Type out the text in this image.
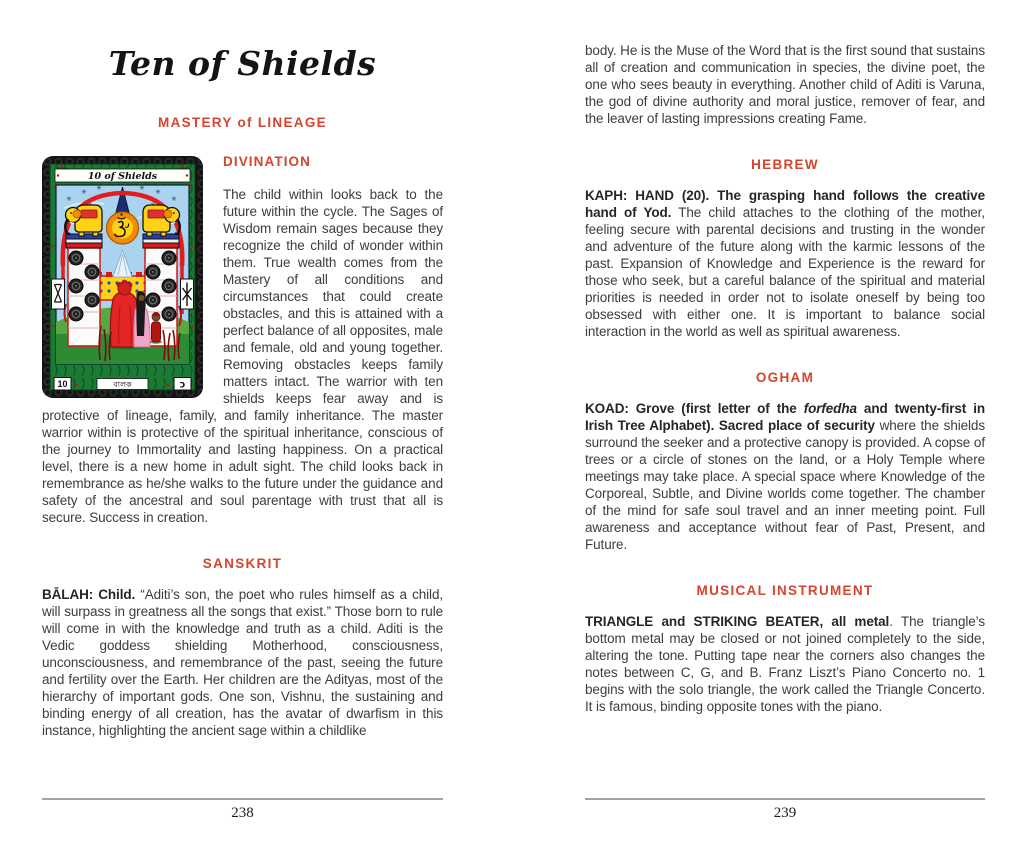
Ten of Shields
MASTERY of LINEAGE
10 of Shields
✳
✳
✳	✳
✳
✳
10	বালক	כ
DIVINATION

The child within looks back to the future within the cycle. The Sages of Wisdom remain sages because they recognize the child of wonder within them. True wealth comes from the Mastery of all conditions and circumstances that could create obstacles, and this is attained with a perfect balance of all opposites, male and female, old and young together. Removing obstacles keeps family matters intact. The warrior with ten shields keeps fear away and is protective of lineage, family, and family inheritance. The master warrior within is protective of the spiritual inheritance, conscious of the journey to Immortality and lasting happiness. On a practical level, there is a new home in adult sight. The child looks back in remembrance as he/she walks to the future under the guidance and safety of the ancestral and soul parentage with trust that all is secure. Success in creation.

SANSKRIT

BĀLAH: Child. “Aditi’s son, the poet who rules himself as a child, will surpass in greatness all the songs that exist.” Those born to rule will come in with the knowledge and truth as a child. Aditi is the Vedic goddess shielding Motherhood, consciousness, unconsciousness, and remembrance of the past, seeing the future and fertility over the Earth. Her children are the Adityas, most of the hierarchy of important gods. One son, Vishnu, the sustaining and binding energy of all creation, has the avatar of dwarfism in this instance, highlighting the ancient sage within a childlike

body. He is the Muse of the Word that is the first sound that sustains all of creation and communication in species, the divine poet, the one who sees beauty in everything. Another child of Aditi is Varuna, the god of divine authority and moral justice, remover of fear, and the leaver of lasting impressions creating Fame.

HEBREW

KAPH: HAND (20). The grasping hand follows the creative hand of Yod. The child attaches to the clothing of the mother, feeling secure with parental decisions and trusting in the wonder and adventure of the future along with the karmic lessons of the past. Expansion of Knowledge and Experience is the reward for those who seek, but a careful balance of the spiritual and material priorities is needed in order not to isolate oneself by being too obsessed with either one. It is important to balance social interaction in the world as well as spiritual awareness.

OGHAM

KOAD: Grove (first letter of the forfedha and twenty-first in Irish Tree Alphabet). Sacred place of security where the shields surround the seeker and a protective canopy is provided. A copse of trees or a circle of stones on the land, or a Holy Temple where meetings may take place. A special space where Knowledge of the Corporeal, Subtle, and Divine worlds come together. The chamber of the mind for safe soul travel and an inner meeting point. Full awareness and acceptance without fear of Past, Present, and Future.

MUSICAL INSTRUMENT

TRIANGLE and STRIKING BEATER, all metal. The triangle’s bottom metal may be closed or not joined completely to the side, altering the tone. Putting tape near the corners also changes the notes between C, G, and B. Franz Liszt’s Piano Concerto no. 1 begins with the solo triangle, the work called the Triangle Concerto. It is famous, binding opposite tones with the piano.

238	239
